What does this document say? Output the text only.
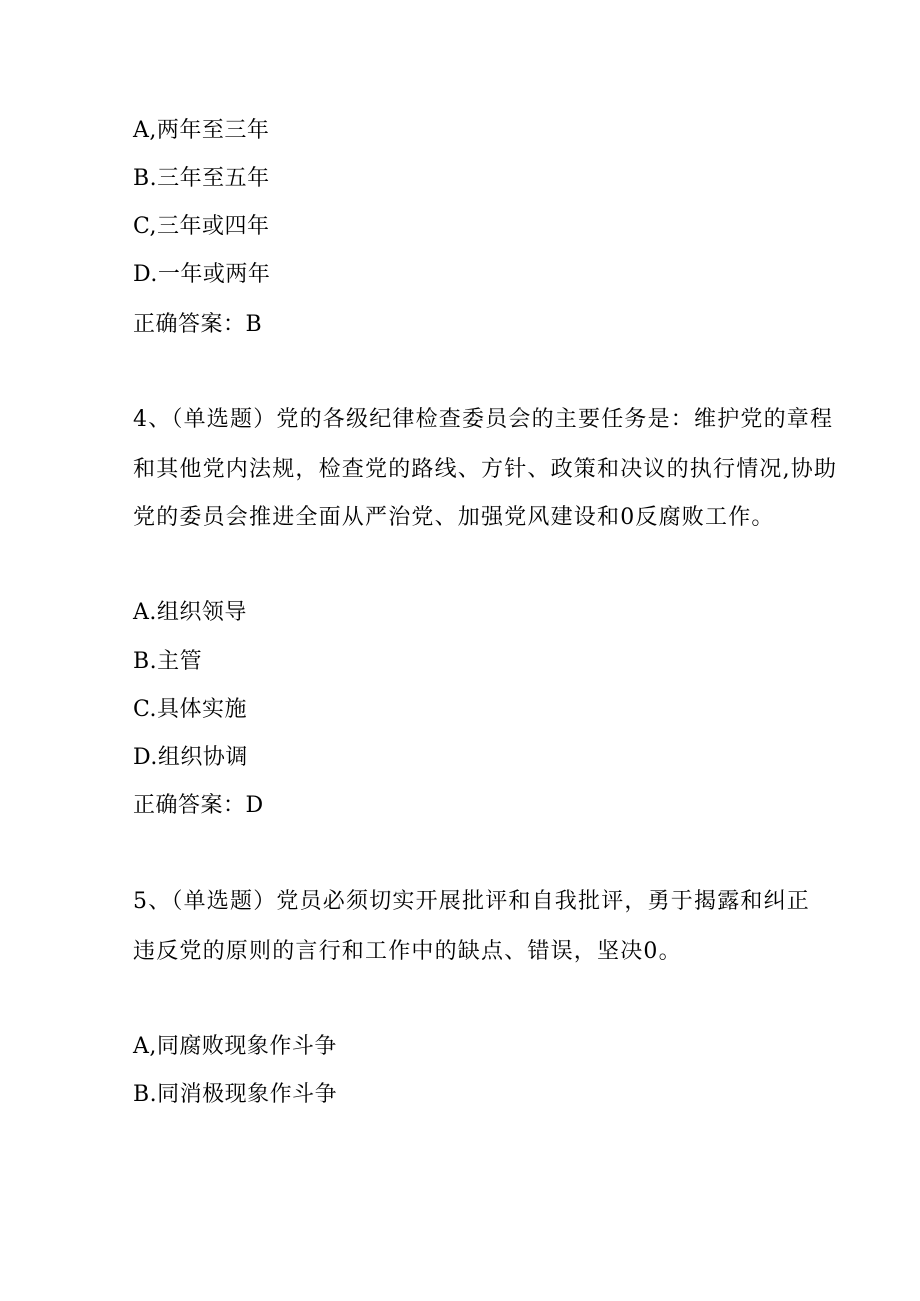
A,两年至三年
B.三年至五年
C,三年或四年
D.一年或两年
正确答案：B
4、（单选题）党的各级纪律检查委员会的主要任务是：维护党的章程
和其他党内法规，检查党的路线、方针、政策和决议的执行情况,协助
党的委员会推进全面从严治党、加强党风建设和0反腐败工作。
A.组织领导
B.主管
C.具体实施
D.组织协调
正确答案：D
5、（单选题）党员必须切实开展批评和自我批评，勇于揭露和纠正
违反党的原则的言行和工作中的缺点、错误，坚决0。
A,同腐败现象作斗争
B.同消极现象作斗争
